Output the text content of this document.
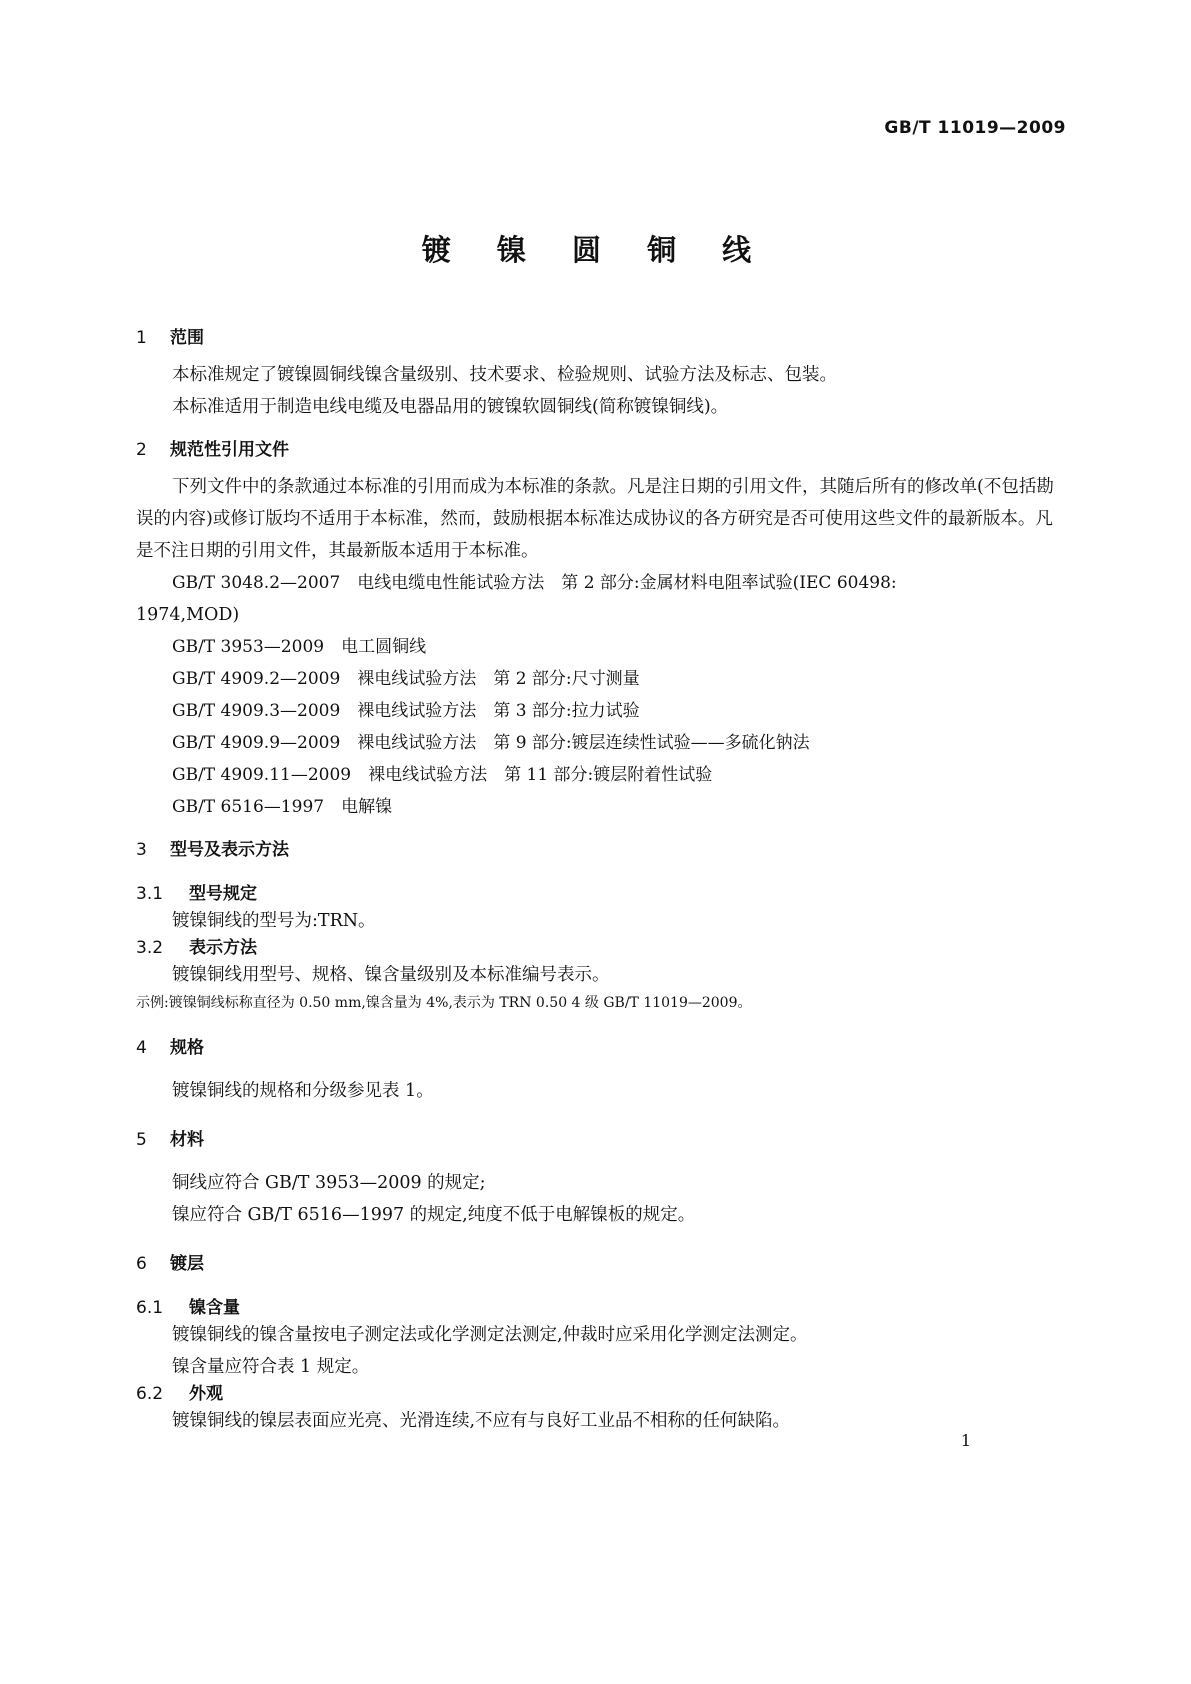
GB/T 11019—2009
镀 镍 圆 铜 线
1 范围

本标准规定了镀镍圆铜线镍含量级别、技术要求、检验规则、试验方法及标志、包装。

本标准适用于制造电线电缆及电器品用的镀镍软圆铜线(简称镀镍铜线)。

2 规范性引用文件

下列文件中的条款通过本标准的引用而成为本标准的条款。凡是注日期的引用文件，其随后所有的修改单(不包括勘误的内容)或修订版均不适用于本标准，然而，鼓励根据本标准达成协议的各方研究是否可使用这些文件的最新版本。凡是不注日期的引用文件，其最新版本适用于本标准。

GB/T 3048.2—2007　 电线电缆电性能试验方法　第 2 部分:金属材料电阻率试验(IEC 60498:

1974,MOD)

GB/T 3953—2009　 电工圆铜线

GB/T 4909.2—2009　 裸电线试验方法　第 2 部分:尺寸测量

GB/T 4909.3—2009　 裸电线试验方法　第 3 部分:拉力试验

GB/T 4909.9—2009　 裸电线试验方法　第 9 部分:镀层连续性试验——多硫化钠法

GB/T 4909.11—2009　 裸电线试验方法　第 11 部分:镀层附着性试验

GB/T 6516—1997　 电解镍

3 型号及表示方法
3.1 型号规定

镀镍铜线的型号为:TRN。

3.2 表示方法

镀镍铜线用型号、规格、镍含量级别及本标准编号表示。

示例:镀镍铜线标称直径为 0.50 mm,镍含量为 4%,表示为 TRN 0.50 4 级 GB/T 11019—2009。

4 规格

镀镍铜线的规格和分级参见表 1。

5 材料

铜线应符合 GB/T 3953—2009 的规定;

镍应符合 GB/T 6516—1997 的规定,纯度不低于电解镍板的规定。

6 镀层
6.1 镍含量

镀镍铜线的镍含量按电子测定法或化学测定法测定,仲裁时应采用化学测定法测定。

镍含量应符合表 1 规定。

6.2 外观

镀镍铜线的镍层表面应光亮、光滑连续,不应有与良好工业品不相称的任何缺陷。

1
